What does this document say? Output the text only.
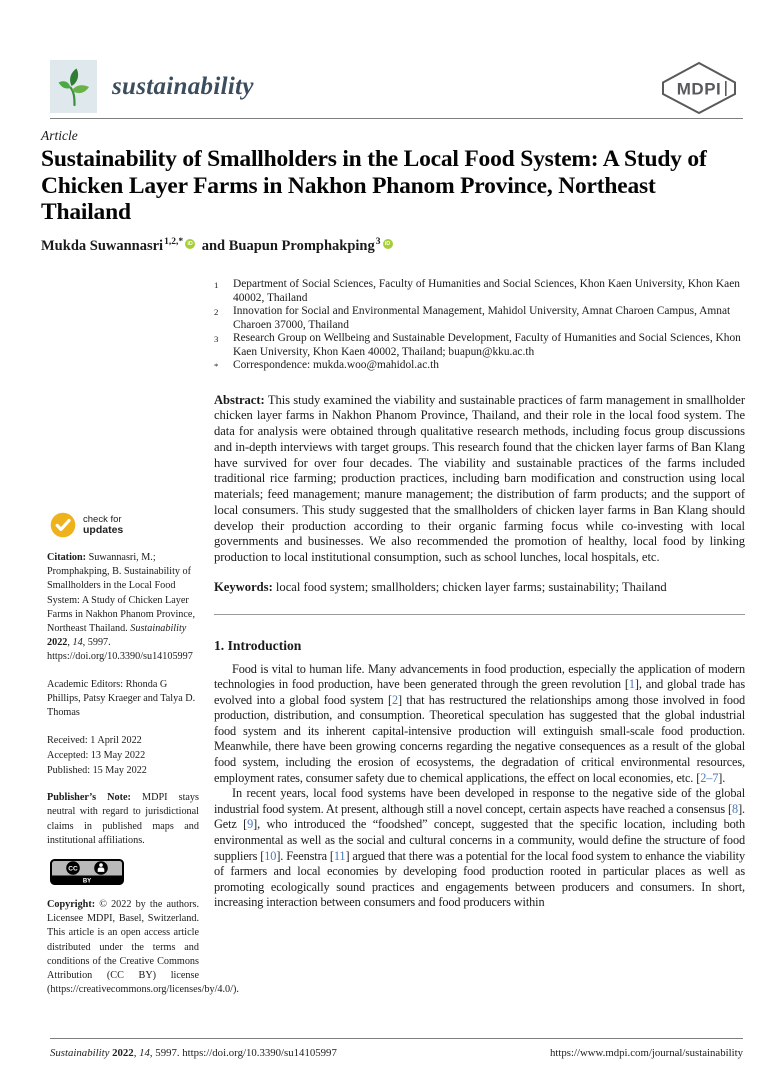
sustainability	MDPI
Article
Sustainability of Smallholders in the Local Food System: A Study of Chicken Layer Farms in Nakhon Phanom Province, Northeast Thailand
Mukda Suwannasri$^{1,2,*}$ iD and Buapun Promphakping$^3$ iD
1	Department of Social Sciences, Faculty of Humanities and Social Sciences, Khon Kaen University, Khon Kaen 40002, Thailand
2	Innovation for Social and Environmental Management, Mahidol University, Amnat Charoen Campus, Amnat Charoen 37000, Thailand
3	Research Group on Wellbeing and Sustainable Development, Faculty of Humanities and Social Sciences, Khon Kaen University, Khon Kaen 40002, Thailand; buapun@kku.ac.th
*	Correspondence: mukda.woo@mahidol.ac.th
Abstract: This study examined the viability and sustainable practices of farm management in smallholder chicken layer farms in Nakhon Phanom Province, Thailand, and their role in the local food system. The data for analysis were obtained through qualitative research methods, including focus group discussions and in-depth interviews with target groups. This research found that the chicken layer farms of Ban Klang have survived for over four decades. The viability and sustainable practices of the farms included traditional rice farming; production practices, including barn modification and construction using local materials; feed management; manure management; the distribution of farm products; and the support of local consumers. This study suggested that the smallholders of chicken layer farms in Ban Klang should develop their production according to their organic farming focus while co-investing with local governments and businesses. We also recommended the promotion of healthy, local food by linking production to local institutional consumption, such as school lunches, local hospitals, etc.
Keywords: local food system; smallholders; chicken layer farms; sustainability; Thailand
1. Introduction

Food is vital to human life. Many advancements in food production, especially the application of modern technologies in food production, have been generated through the green revolution [1], and global trade has evolved into a global food system [2] that has restructured the relationships among those involved in food production, distribution, and consumption. Theoretical speculation has suggested that the global industrial food system and its inherent capital-intensive production will extinguish small-scale food production. Meanwhile, there have been growing concerns regarding the negative consequences as a result of the global food system, including the erosion of ecosystems, the degradation of critical environmental resources, employment rates, consumer safety due to chemical applications, the effect on local economies, etc. [2–7].

In recent years, local food systems have been developed in response to the negative side of the global industrial food system. At present, although still a novel concept, certain aspects have reached a consensus [8]. Getz [9], who introduced the “foodshed” concept, suggested that the specific location, including both environmental as well as the social and cultural concerns in a community, would define the structure of food suppliers [10]. Feenstra [11] argued that there was a potential for the local food system to enhance the viability of farmers and local economies by developing food production rooted in particular places as well as promoting ecologically sound practices and engagements between producers and consumers. In short, increasing interaction between consumers and food producers within

check for
updates
Citation: Suwannasri, M.; Promphakping, B. Sustainability of Smallholders in the Local Food System: A Study of Chicken Layer Farms in Nakhon Phanom Province, Northeast Thailand. Sustainability 2022, 14, 5997. https://doi.org/10.3390/su14105997
Academic Editors: Rhonda G Phillips, Patsy Kraeger and Talya D. Thomas
Received: 1 April 2022
Accepted: 13 May 2022
Published: 15 May 2022
Publisher’s Note: MDPI stays neutral with regard to jurisdictional claims in published maps and institutional affiliations.
CC
BY
Copyright: © 2022 by the authors. Licensee MDPI, Basel, Switzerland. This article is an open access article distributed under the terms and conditions of the Creative Commons Attribution (CC BY) license (https://creativecommons.org/licenses/by/4.0/).
Sustainability 2022, 14, 5997. https://doi.org/10.3390/su14105997	https://www.mdpi.com/journal/sustainability
